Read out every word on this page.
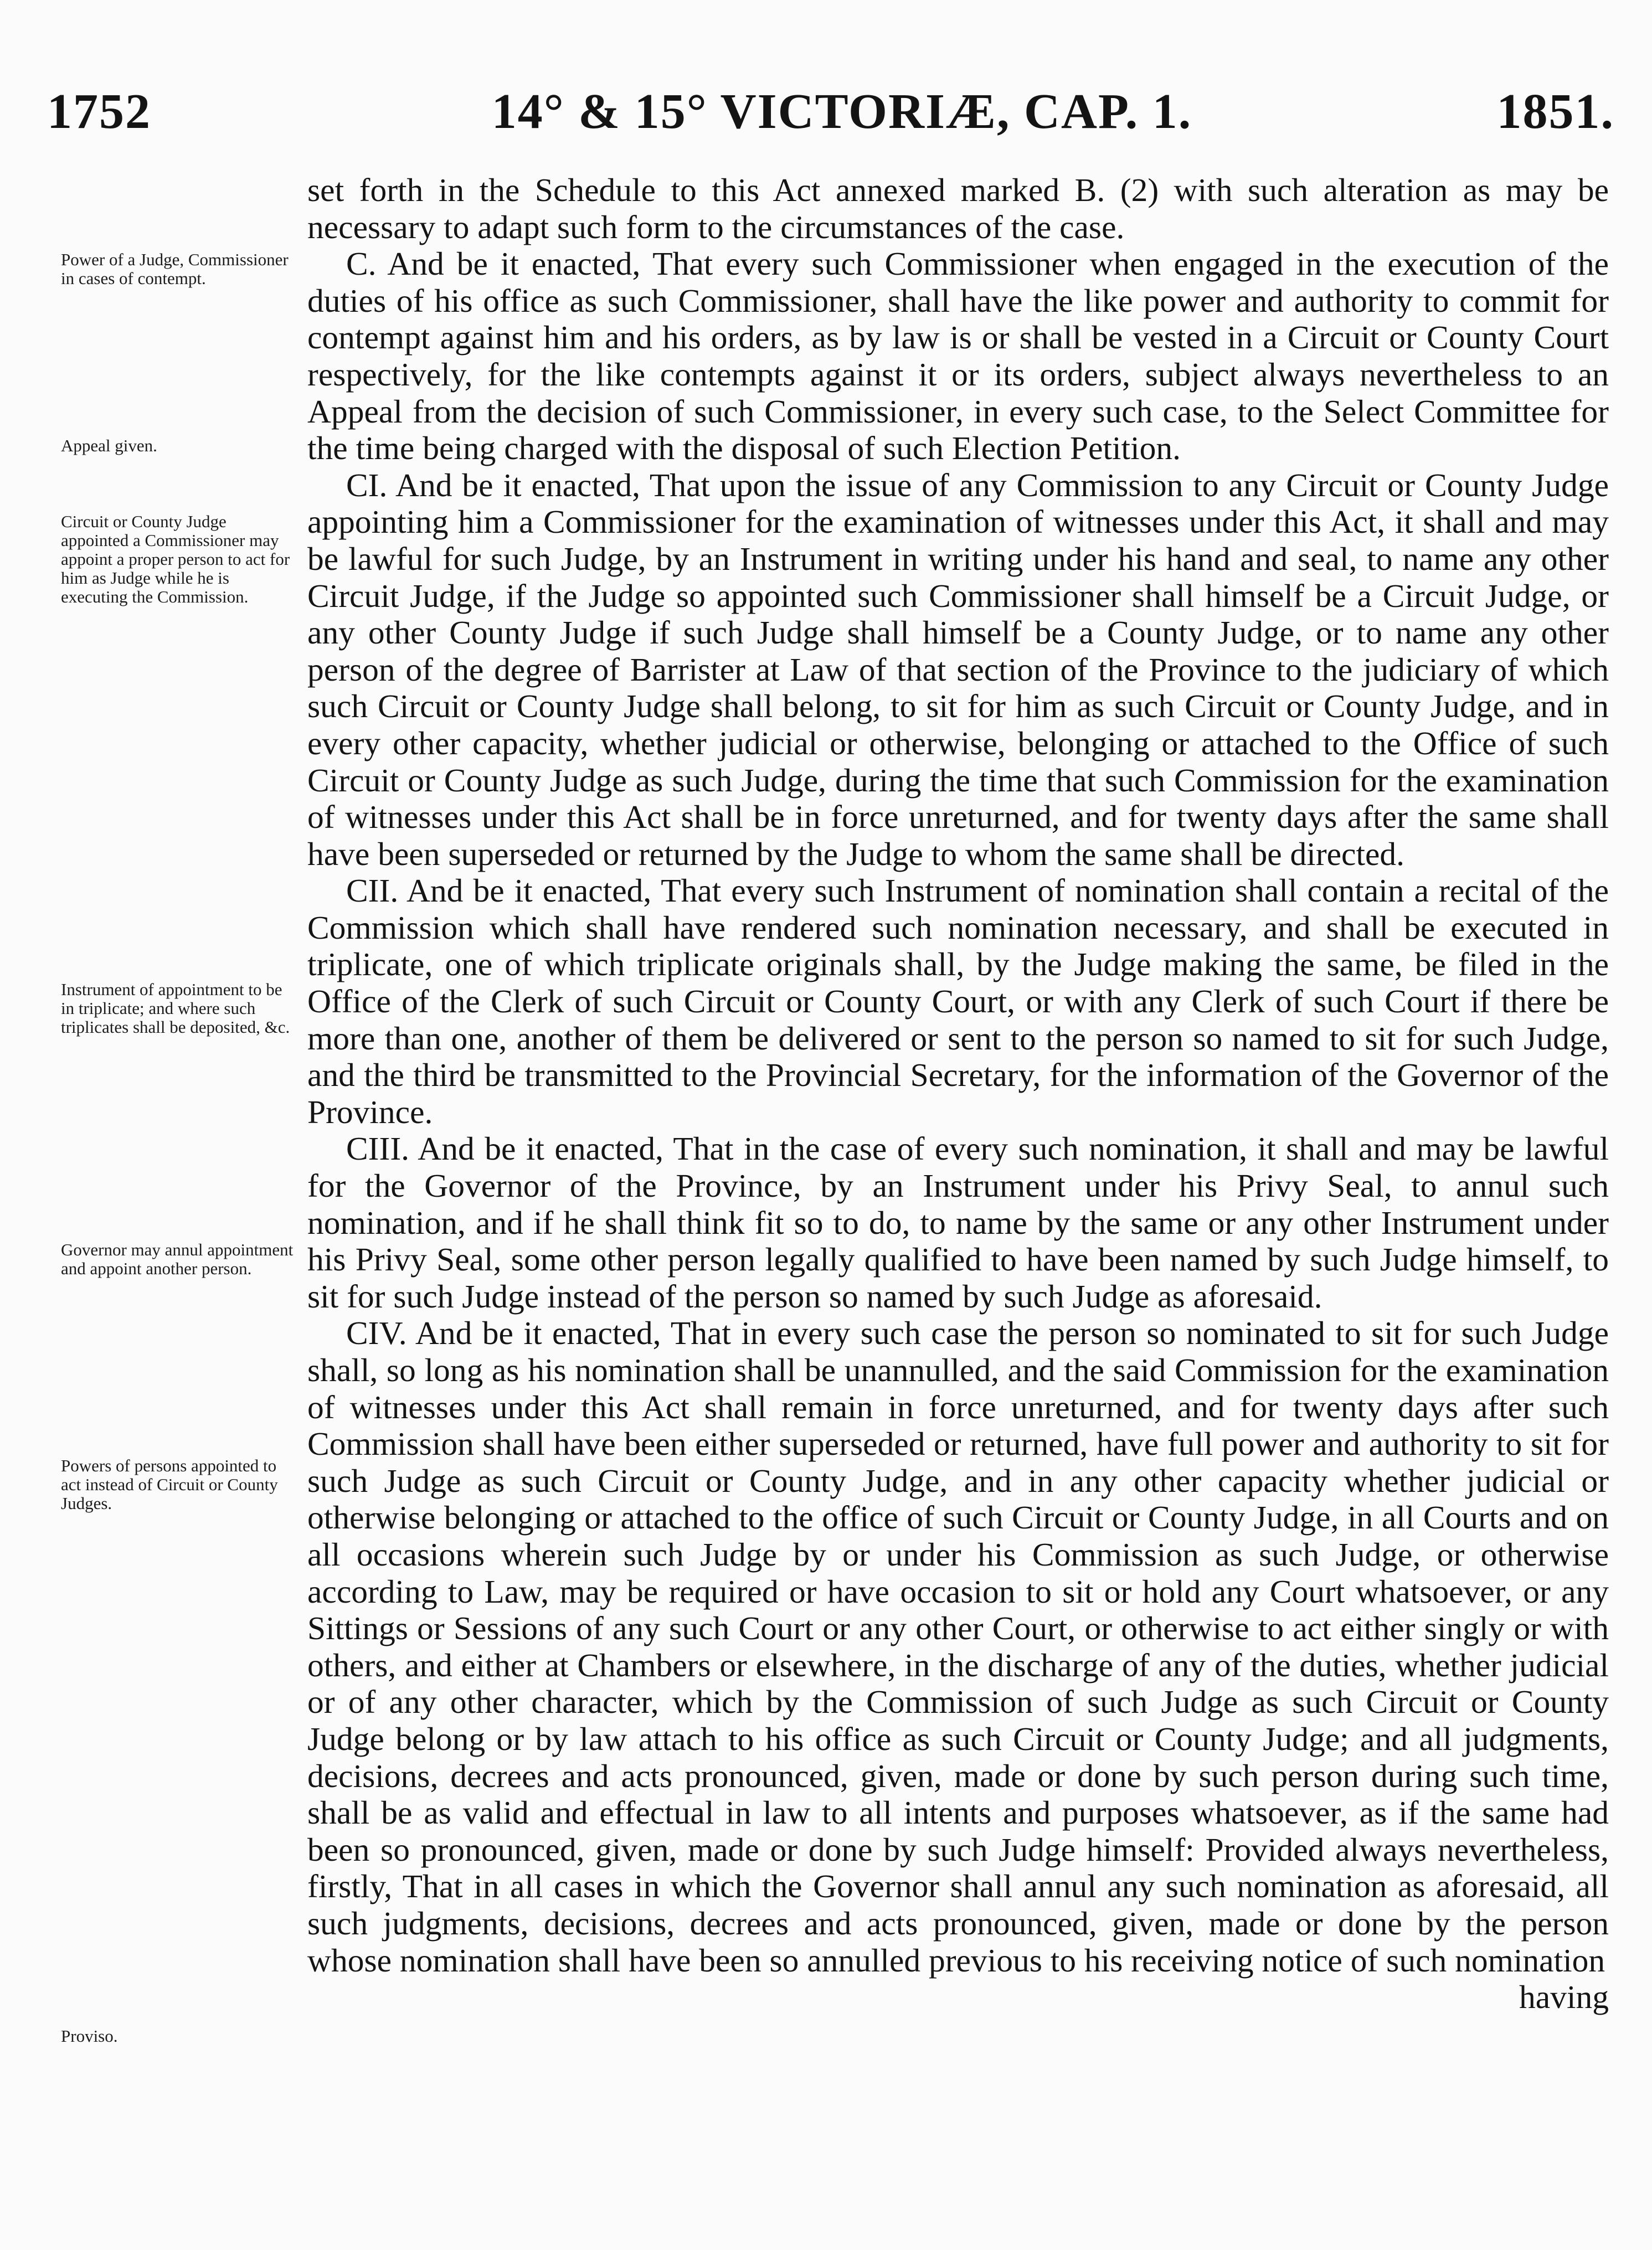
1752	14° & 15° VICTORIÆ, CAP. 1.	1851.
Power of a Judge, Commissioner in cases of contempt.
Appeal given.
Circuit or County Judge appointed a Commissioner may appoint a proper person to act for him as Judge while he is executing the Commission.
Instrument of appointment to be in triplicate; and where such triplicates shall be deposited, &c.
Governor may annul appointment and appoint another person.
Powers of persons appointed to act instead of Circuit or County Judges.
Proviso.

set forth in the Schedule to this Act annexed marked B. (2) with such alteration as may be necessary to adapt such form to the circumstances of the case.

C. And be it enacted, That every such Commissioner when engaged in the execution of the duties of his office as such Commissioner, shall have the like power and authority to commit for contempt against him and his orders, as by law is or shall be vested in a Circuit or County Court respectively, for the like contempts against it or its orders, subject always nevertheless to an Appeal from the decision of such Commissioner, in every such case, to the Select Committee for the time being charged with the disposal of such Election Petition.

CI. And be it enacted, That upon the issue of any Commission to any Circuit or County Judge appointing him a Commissioner for the examination of witnesses under this Act, it shall and may be lawful for such Judge, by an Instrument in writing under his hand and seal, to name any other Circuit Judge, if the Judge so appointed such Commissioner shall himself be a Circuit Judge, or any other County Judge if such Judge shall himself be a County Judge, or to name any other person of the degree of Barrister at Law of that section of the Province to the judiciary of which such Circuit or County Judge shall belong, to sit for him as such Circuit or County Judge, and in every other capacity, whether judicial or otherwise, belonging or attached to the Office of such Circuit or County Judge as such Judge, during the time that such Commission for the examination of witnesses under this Act shall be in force unreturned, and for twenty days after the same shall have been superseded or returned by the Judge to whom the same shall be directed.

CII. And be it enacted, That every such Instrument of nomination shall contain a recital of the Commission which shall have rendered such nomination necessary, and shall be executed in triplicate, one of which triplicate originals shall, by the Judge making the same, be filed in the Office of the Clerk of such Circuit or County Court, or with any Clerk of such Court if there be more than one, another of them be delivered or sent to the person so named to sit for such Judge, and the third be transmitted to the Provincial Secretary, for the information of the Governor of the Province.

CIII. And be it enacted, That in the case of every such nomination, it shall and may be lawful for the Governor of the Province, by an Instrument under his Privy Seal, to annul such nomination, and if he shall think fit so to do, to name by the same or any other Instrument under his Privy Seal, some other person legally qualified to have been named by such Judge himself, to sit for such Judge instead of the person so named by such Judge as aforesaid.

CIV. And be it enacted, That in every such case the person so nominated to sit for such Judge shall, so long as his nomination shall be unannulled, and the said Commission for the examination of witnesses under this Act shall remain in force unreturned, and for twenty days after such Commission shall have been either superseded or returned, have full power and authority to sit for such Judge as such Circuit or County Judge, and in any other capacity whether judicial or otherwise belonging or attached to the office of such Circuit or County Judge, in all Courts and on all occasions wherein such Judge by or under his Commission as such Judge, or otherwise according to Law, may be required or have occasion to sit or hold any Court whatsoever, or any Sittings or Sessions of any such Court or any other Court, or otherwise to act either singly or with others, and either at Chambers or elsewhere, in the discharge of any of the duties, whether judicial or of any other character, which by the Commission of such Judge as such Circuit or County Judge belong or by law attach to his office as such Circuit or County Judge; and all judgments, decisions, decrees and acts pronounced, given, made or done by such person during such time, shall be as valid and effectual in law to all intents and purposes whatsoever, as if the same had been so pronounced, given, made or done by such Judge himself: Provided always nevertheless, firstly, That in all cases in which the Governor shall annul any such nomination as aforesaid, all such judgments, decisions, decrees and acts pronounced, given, made or done by the person whose nomination shall have been so annulled previous to his receiving notice of such nomination

having
